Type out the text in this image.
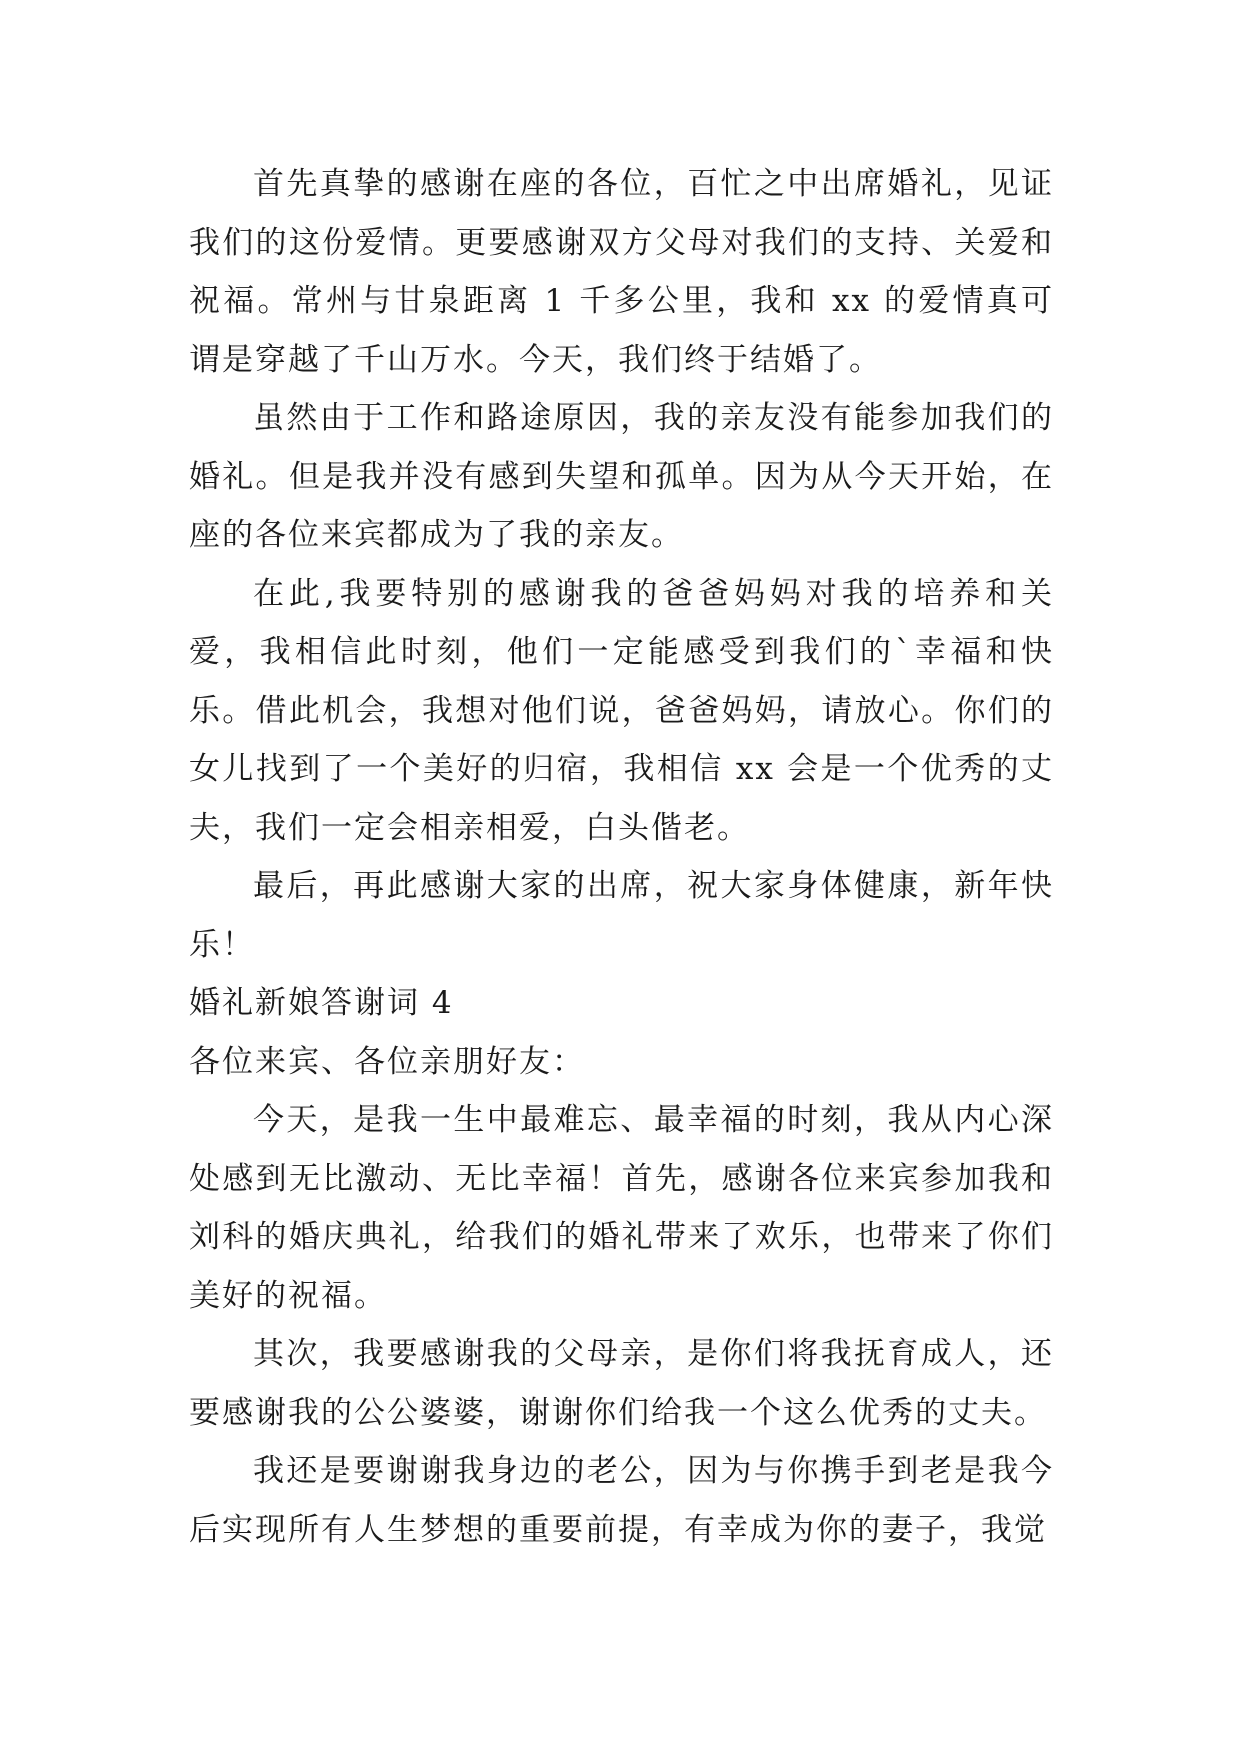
首先真挚的感谢在座的各位，百忙之中出席婚礼，见证我们的这份爱情。更要感谢双方父母对我们的支持、关爱和祝福。常州与甘泉距离 1 千多公里，我和 xx 的爱情真可谓是穿越了千山万水。今天，我们终于结婚了。

虽然由于工作和路途原因，我的亲友没有能参加我们的婚礼。但是我并没有感到失望和孤单。因为从今天开始，在座的各位来宾都成为了我的亲友。

在此,我要特别的感谢我的爸爸妈妈对我的培养和关爱，我相信此时刻，他们一定能感受到我们的`幸福和快乐。借此机会，我想对他们说，爸爸妈妈，请放心。你们的女儿找到了一个美好的归宿，我相信 xx 会是一个优秀的丈夫，我们一定会相亲相爱，白头偕老。

最后，再此感谢大家的出席，祝大家身体健康，新年快乐！

婚礼新娘答谢词 4

各位来宾、各位亲朋好友：

今天，是我一生中最难忘、最幸福的时刻，我从内心深处感到无比激动、无比幸福！首先，感谢各位来宾参加我和刘科的婚庆典礼，给我们的婚礼带来了欢乐，也带来了你们美好的祝福。

其次，我要感谢我的父母亲，是你们将我抚育成人，还要感谢我的公公婆婆，谢谢你们给我一个这么优秀的丈夫。

我还是要谢谢我身边的老公，因为与你携手到老是我今后实现所有人生梦想的重要前提，有幸成为你的妻子，我觉
